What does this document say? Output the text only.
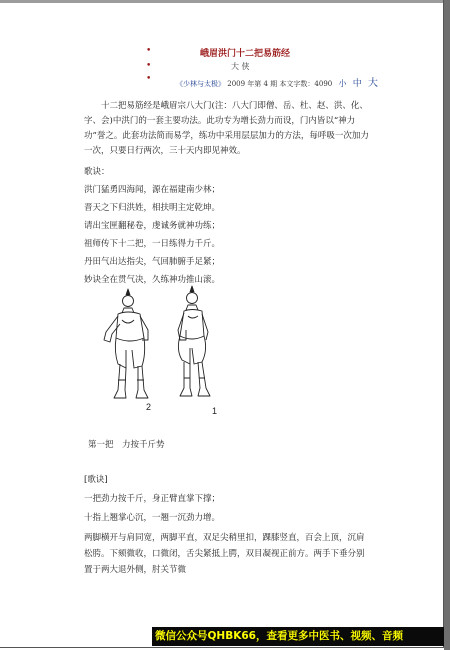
•	峨眉洪门十二把易筋经
•	大 侠
•	《少林与太极》 2009 年第 4 期 本文字数：4090 小 中 大

十二把易筋经是峨眉宗八大门(注：八大门即僧、岳、杜、赵、洪、化、字、会)中洪门的一套主要功法。此功专为增长劲力而设，门内皆以“神力功”誉之。此套功法简而易学，练功中采用层层加力的方法，每呼吸一次加力一次，只要日行两次，三十天内即见神效。

歌诀：

洪门猛勇四海闻，源在福建南少林；

晋天之下归洪姓，相扶明主定乾坤。

请出宝匣翻秘卷，虔诚务就神功练；

祖师传下十二把，一日练得力千斤。

丹田气出达指尖，气回肺腑手足紧；

妙诀全在贯气决，久练神功推山滚。

2	1
第一把　力按千斤势

[歌诀]

一把劲力按千斤，身正臂直掌下撑；

十指上翘掌心沉，一翘一沉劲力增。

两脚横开与肩同宽，两脚平直，双足尖稍里扣，踝膝竖直，百会上顶，沉肩松胯。下颏微收，口微闭，舌尖紧抵上腭，双目凝视正前方。两手下垂分别置于两大退外侧，肘关节微

微信公众号QHBK66，查看更多中医书、视频、音频
